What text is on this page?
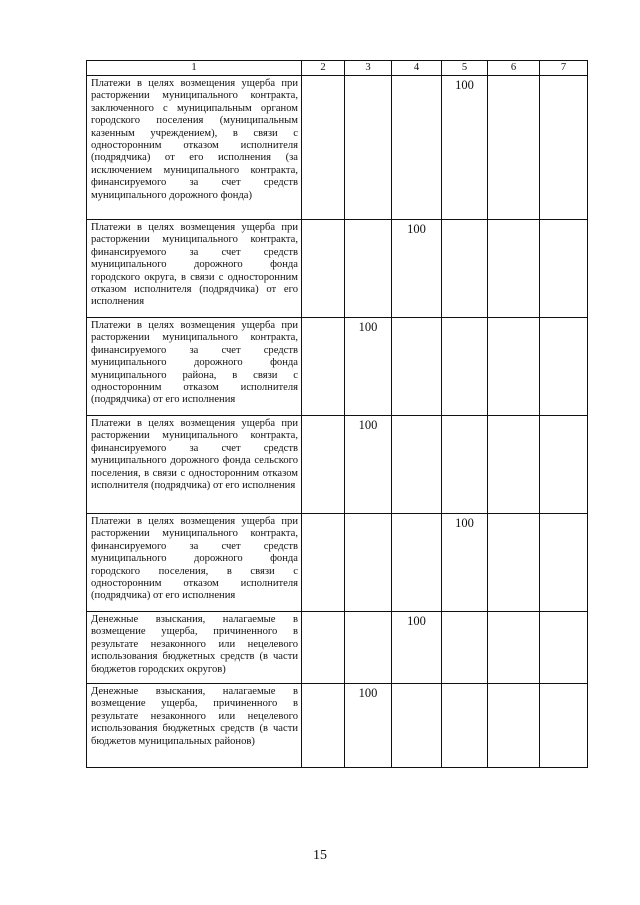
1	2	3	4	5	6	7
Платежи в целях возмещения ущерба при расторжении муниципального контракта, заключенного с муниципальным органом городского поселения (муниципальным казенным учреждением), в связи с односторонним отказом исполнителя (подрядчика) от его исполнения (за исключением муниципального контракта, финансируемого за счет средств муниципального дорожного фонда)				100		
Платежи в целях возмещения ущерба при расторжении муниципального контракта, финансируемого за счет средств муниципального дорожного фонда городского округа, в связи с односторонним отказом исполнителя (подрядчика) от его исполнения			100			
Платежи в целях возмещения ущерба при расторжении муниципального контракта, финансируемого за счет средств муниципального дорожного фонда муниципального района, в связи с односторонним отказом исполнителя (подрядчика) от его исполнения		100				
Платежи в целях возмещения ущерба при расторжении муниципального контракта, финансируемого за счет средств муниципального дорожного фонда сельского поселения, в связи с односторонним отказом исполнителя (подрядчика) от его исполнения		100				
Платежи в целях возмещения ущерба при расторжении муниципального контракта, финансируемого за счет средств муниципального дорожного фонда городского поселения, в связи с односторонним отказом исполнителя (подрядчика) от его исполнения				100		
Денежные взыскания, налагаемые в возмещение ущерба, причиненного в результате незаконного или нецелевого использования бюджетных средств (в части бюджетов городских округов)			100			
Денежные взыскания, налагаемые в возмещение ущерба, причиненного в результате незаконного или нецелевого использования бюджетных средств (в части бюджетов муниципальных районов)		100				
15
